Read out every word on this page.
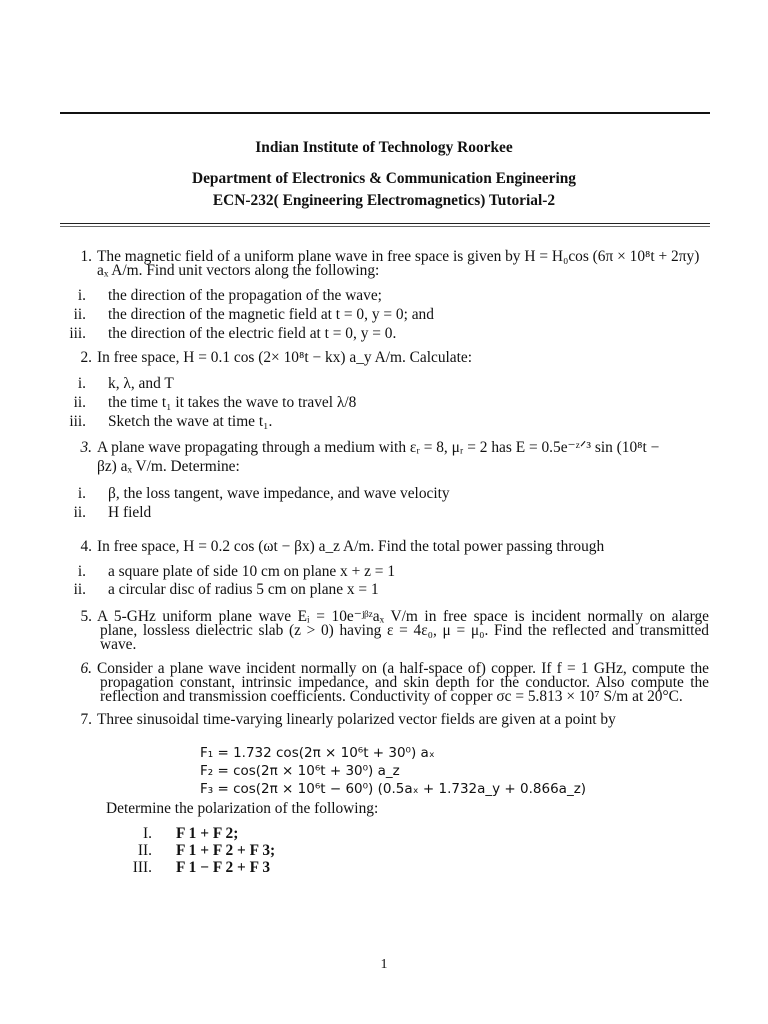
Indian Institute of Technology Roorkee
Department of Electronics & Communication Engineering
ECN-232( Engineering Electromagnetics) Tutorial-2
1. The magnetic field of a uniform plane wave in free space is given by H = H₀cos (6π × 10⁸t + 2πy)
aₓ A/m. Find unit vectors along the following:
i. the direction of the propagation of the wave;
ii. the direction of the magnetic field at t = 0, y = 0; and
iii. the direction of the electric field at t = 0, y = 0.
2. In free space, H = 0.1 cos (2× 10⁸t − kx) a_y A/m. Calculate:
i. k, λ, and T
ii. the time t₁ it takes the wave to travel λ/8
iii. Sketch the wave at time t₁.
3. A plane wave propagating through a medium with εᵣ = 8, μᵣ = 2 has E = 0.5e⁻ᶻᐟ³ sin (10⁸t −
βz) aₓ V/m. Determine:
i. β, the loss tangent, wave impedance, and wave velocity
ii. H field
4. In free space, H = 0.2 cos (ωt − βx) a_z A/m. Find the total power passing through
i. a square plate of side 10 cm on plane x + z = 1
ii. a circular disc of radius 5 cm on plane x = 1
5. A 5-GHz uniform plane wave Eᵢ = 10e⁻ʲᵝᶻaₓ V/m in free space is incident normally on alarge
plane, lossless dielectric slab (z > 0) having ε = 4ε₀, μ = μ₀. Find the reflected and transmitted
wave.
6. Consider a plane wave incident normally on (a half-space of) copper. If f = 1 GHz, compute the
propagation constant, intrinsic impedance, and skin depth for the conductor. Also compute the
reflection and transmission coefficients. Conductivity of copper σc = 5.813 × 10⁷ S/m at 20°C.
7. Three sinusoidal time-varying linearly polarized vector fields are given at a point by
F₁ = 1.732 cos(2π × 10⁶t + 30⁰) aₓ
F₂ = cos(2π × 10⁶t + 30⁰) a_z
F₃ = cos(2π × 10⁶t − 60⁰) (0.5aₓ + 1.732a_y + 0.866a_z)
Determine the polarization of the following:
I. F 1 + F 2;
II. F 1 + F 2 + F 3;
III. F 1 − F 2 + F 3
1
